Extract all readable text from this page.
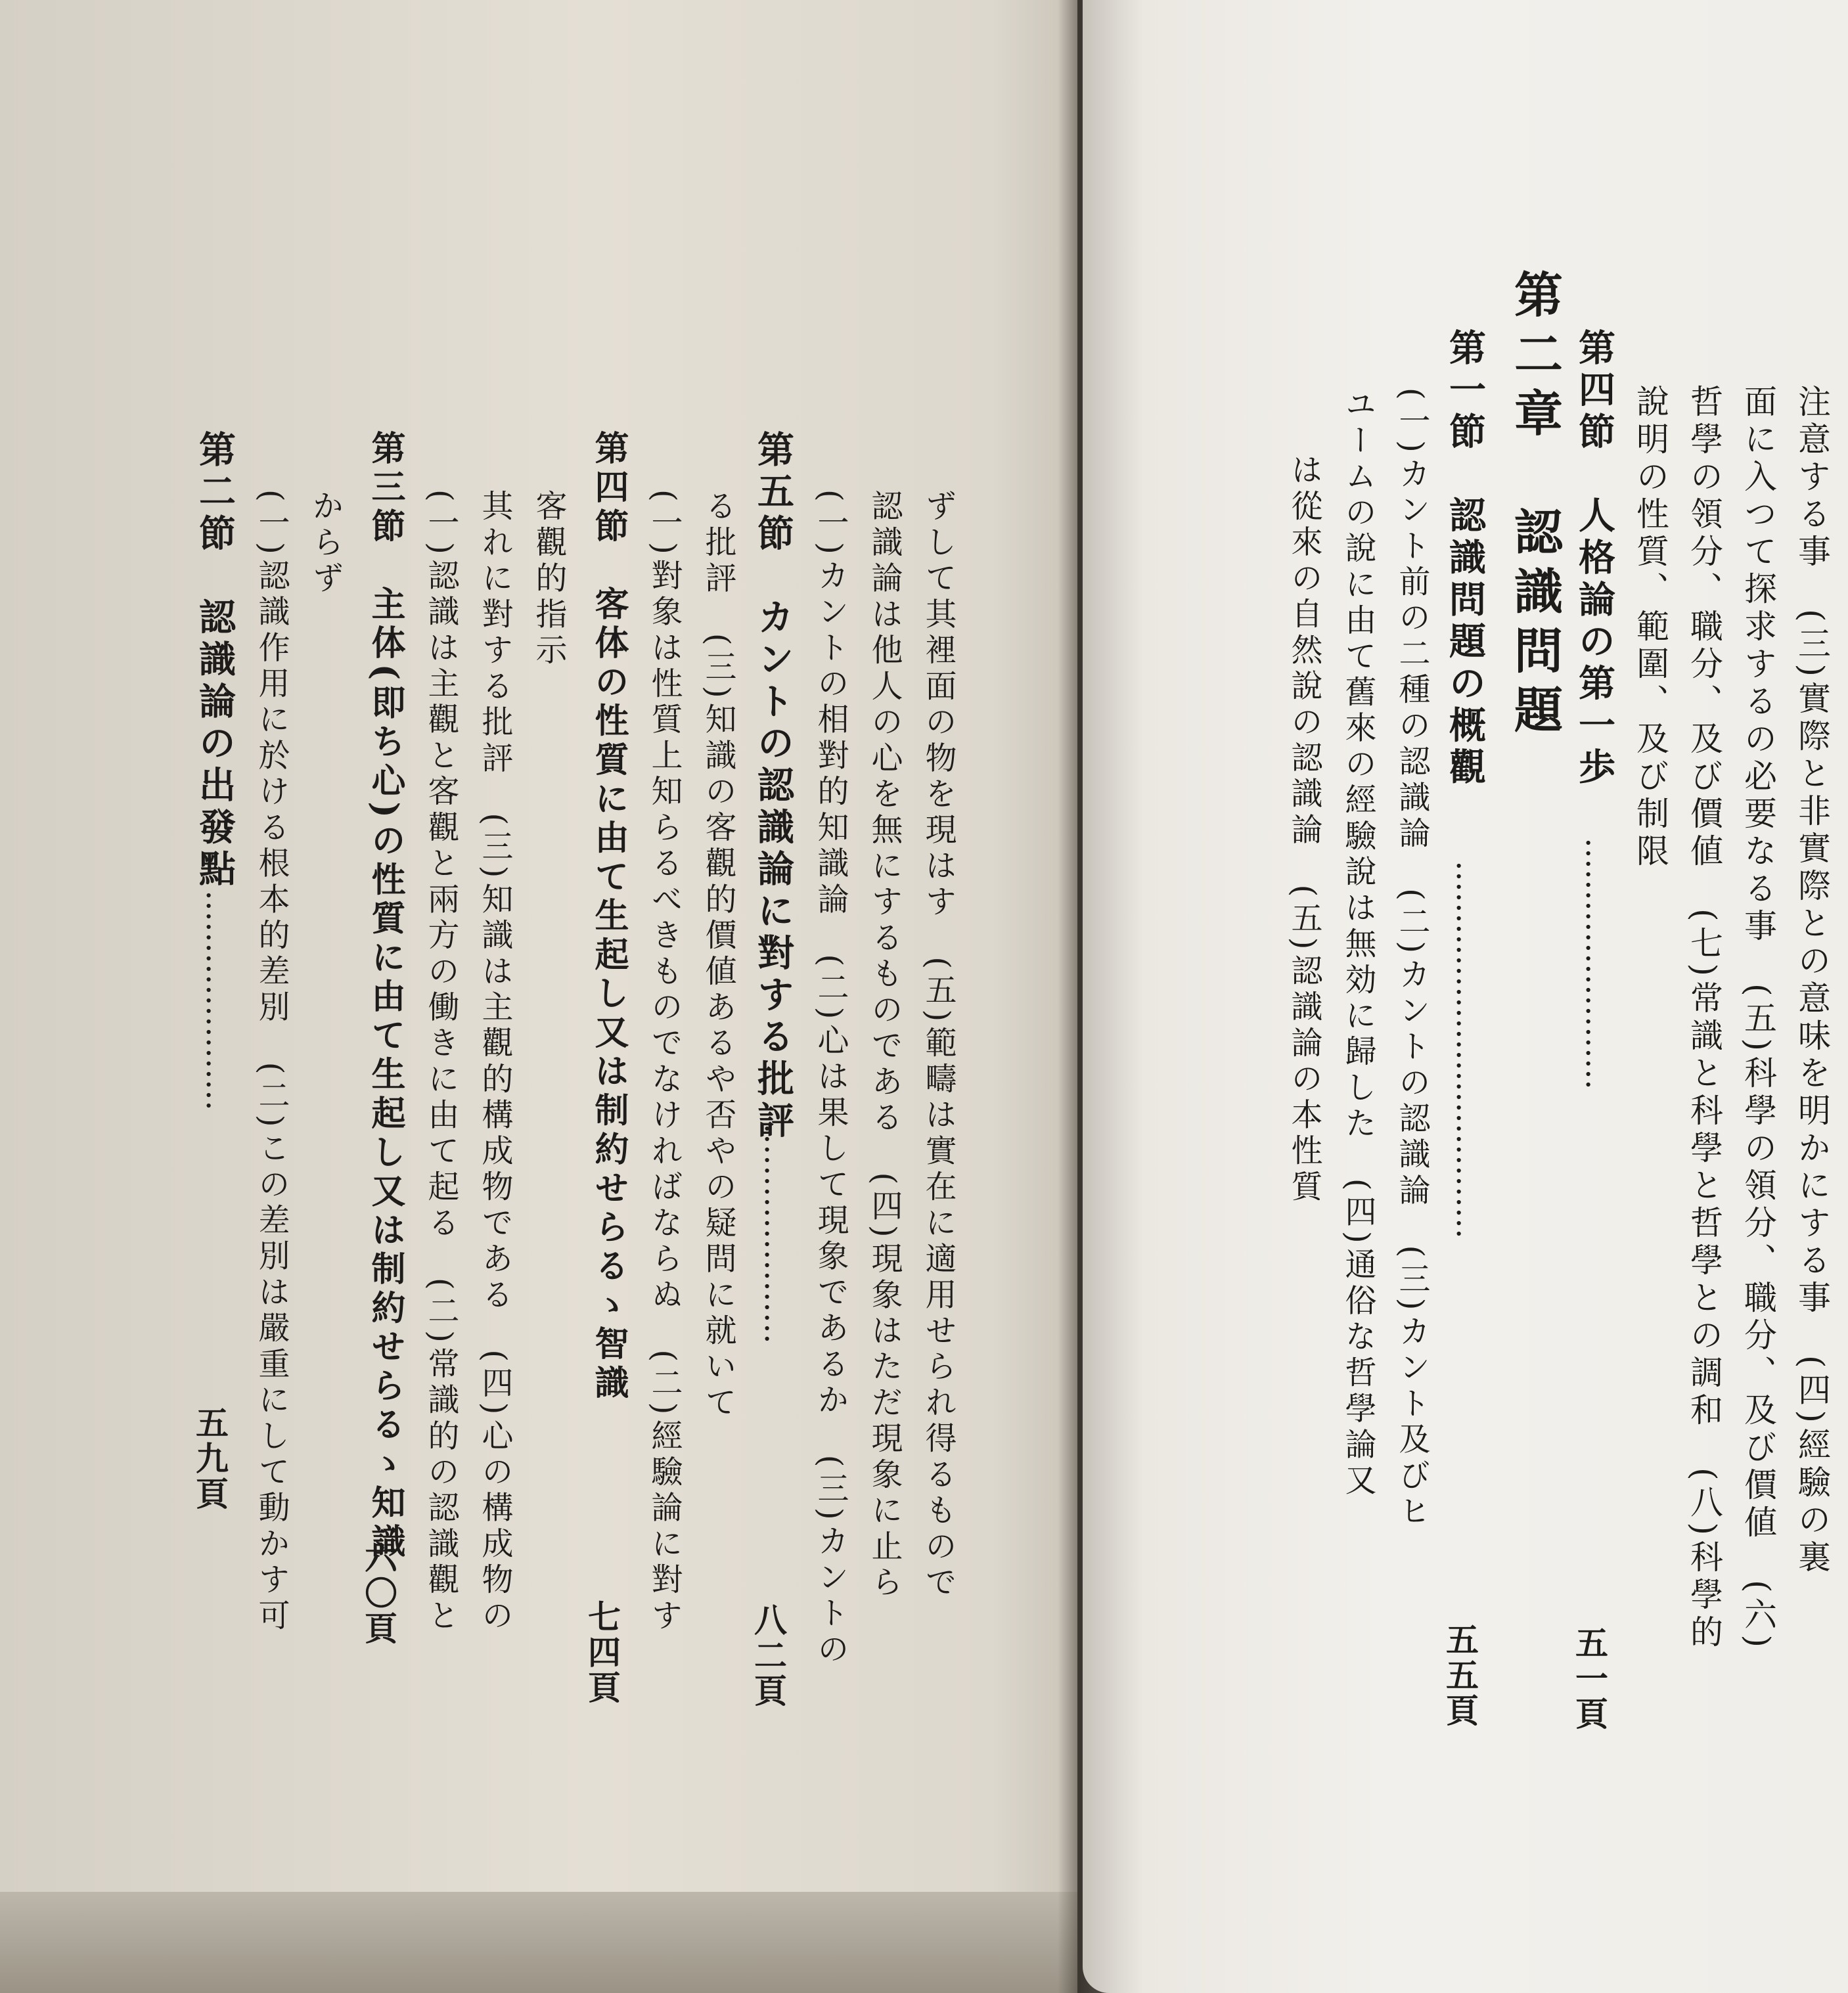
第二節　認識論の出發點
…………………
五九頁 (一)認識作用に於ける根本的差別　(二)この差別は嚴重にして動かす可 からず 第三節　主体(即ち心)の性質に由て生起し又は制約せらるゝ知識
六〇頁 (一)認識は主觀と客觀と兩方の働きに由て起る　(二)常識的の認識觀と 其れに對する批評　(三)知識は主觀的構成物である　(四)心の構成物の 客觀的指示 第四節　客体の性質に由て生起し又は制約せらるゝ智識
七四頁
(一)對象は性質上知らるべきものでなければならぬ　(二)經驗論に對す る批評　(三)知識の客觀的價値あるや否やの疑問に就いて 第五節　カントの認識論に對する批評
…………………
八二頁 (一)カントの相對的知識論　(二)心は果して現象であるか　(三)カントの 認識論は他人の心を無にするものである　(四)現象はただ現象に止ら ずして其裡面の物を現はす　(五)範疇は實在に適用せられ得るもので	注意する事　(三)實際と非實際との意味を明かにする事　(四)經驗の裏
面に入つて探求するの必要なる事　(五)科學の領分、職分、及び價値　(六)
哲學の領分、職分、及び價値　(七)常識と科學と哲學との調和　(八)科學的
說明の性質、範圍、及び制限
第四節　人格論の第一歩
……………………
五一頁
第二章　認識問題
第一節　認識問題の概觀
………………………………
五五頁
(一)カント前の二種の認識論　(二)カントの認識論　(三)カント及びヒ
ユームの說に由て舊來の經驗說は無効に歸した　(四)通俗な哲學論又
は從來の自然說の認識論　(五)認識論の本性質
